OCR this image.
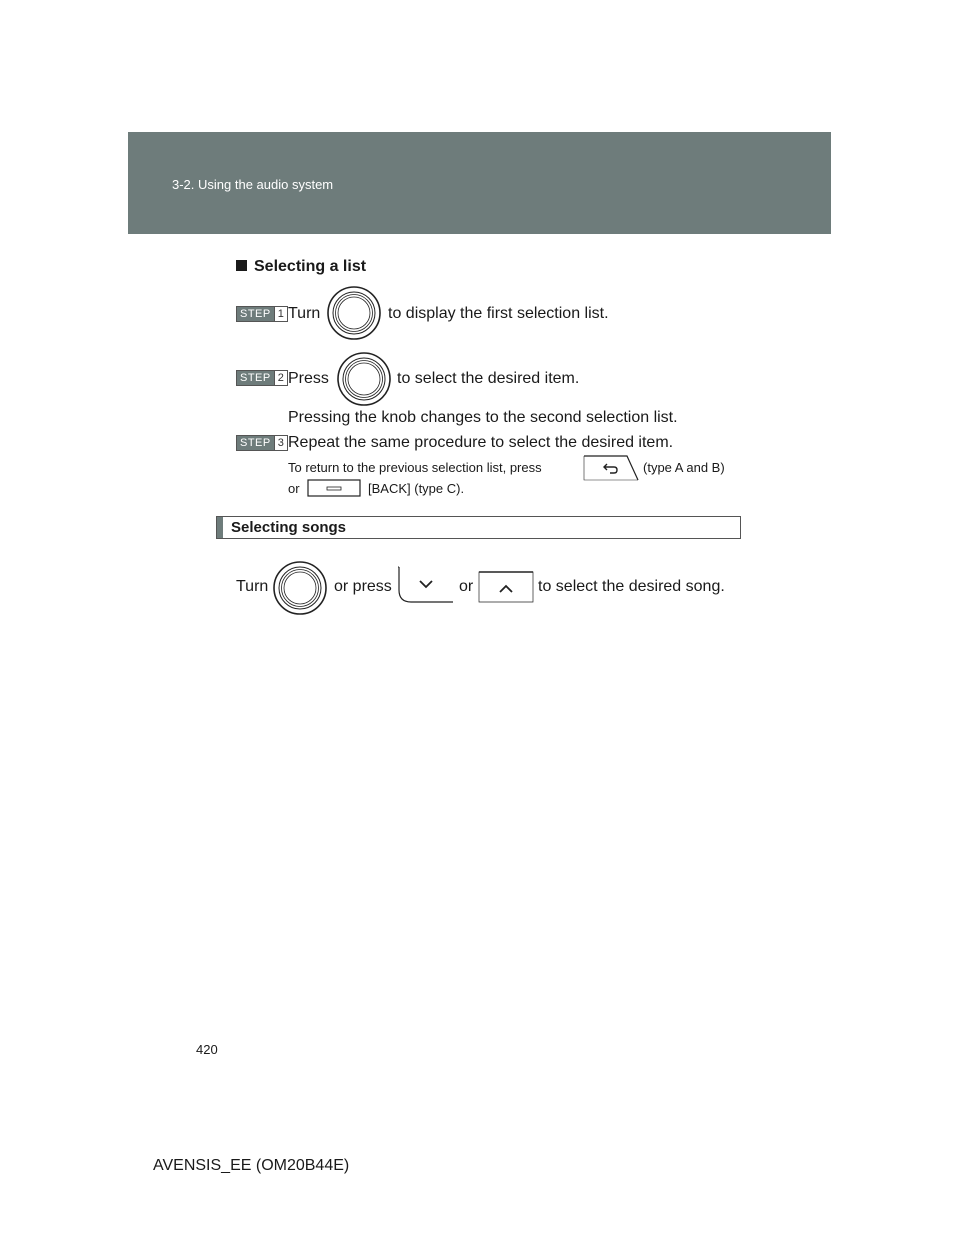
3-2. Using the audio system
Selecting a list
STEP 1 Turn	to display the first selection list.
STEP 2 Press	to select the desired item.
Pressing the knob changes to the second selection list.
STEP 3 Repeat the same procedure to select the desired item.
To return to the previous selection list, press	(type A and B)
or	[BACK] (type C).
Selecting songs
Turn	or press	or	to select the desired song.
420
AVENSIS_EE (OM20B44E)
